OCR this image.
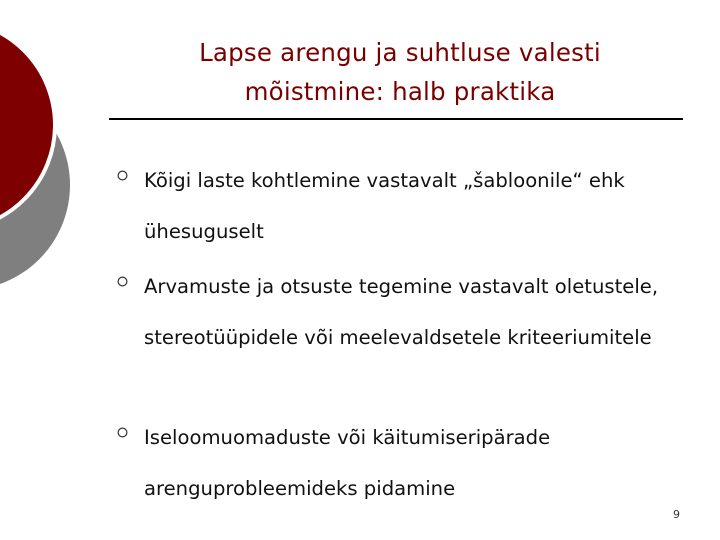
Lapse arengu ja suhtluse valesti
mõistmine: halb praktika
Kõigi laste kohtlemine vastavalt „šabloonile“ ehk ühesuguselt
Arvamuste ja otsuste tegemine vastavalt oletustele, stereotüüpidele või meelevaldsetele kriteeriumitele
Iseloomuomaduste või käitumiseripärade arenguprobleemideks pidamine
9
